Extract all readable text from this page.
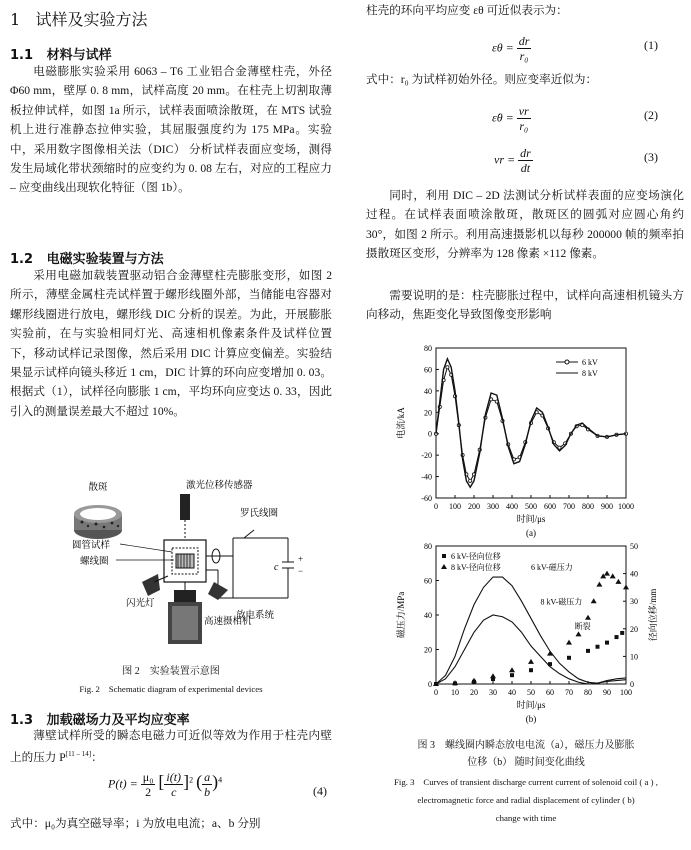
1 试样及实验方法
1.1 材料与试样

电磁膨胀实验采用 6063 – T6 工业铝合金薄壁柱壳，外径 Φ60 mm，壁厚 0. 8 mm，试样高度 20 mm。在柱壳上切割取薄板拉伸试样，如图 1a 所示，试样表面喷涂散斑，在 MTS 试验机上进行准静态拉伸实验，其屈服强度约为 175 MPa。实验中，采用数字图像相关法（DIC） 分析试样表面应变场，测得发生局域化带状颈缩时的应变约为 0. 08 左右，对应的工程应力 – 应变曲线出现软化特征（图 1b）。

1.2 电磁实验装置与方法

采用电磁加载装置驱动铝合金薄壁柱壳膨胀变形，如图 2 所示，薄壁金属柱壳试样置于螺形线圈外部，当储能电容器对螺形线圈进行放电，螺形线 DIC 分析的误差。为此，开展膨胀实验前，在与实验相同灯光、高速相机像素条件及试样位置下，移动试样记录图像，然后采用 DIC 计算应变偏差。实验结果显示试样向镜头移近 1 cm，DIC 计算的环向应变增加 0. 03。根据式（1），试样径向膨胀 1 cm，平均环向应变达 0. 33，因此引入的测量误差最大不超过 10%。

散斑	激光位移传感器
罗氏线圈
圆管试样
螺线圈	c
+
−
放电系统
闪光灯
高速摄相机
图 2　实验装置示意图
Fig. 2　Schematic diagram of experimental devices
1.3 加载磁场力及平均应变率

薄壁试样所受的瞬态电磁力可近似等效为作用于柱壳内壁上的压力 P[11 – 14]：

$P(t) = \frac{\text{μ₀}}{2}$ [ $\frac{i(t)}{c} ]^2$ ( $\frac{a}{b} )^4$
(4)

式中：μ₀为真空磁导率；i 为放电电流；a、b 分别

柱壳的环向平均应变 εθ 可近似表示为：

$\varepsilon\theta = \frac{dr}{\text{r₀}}$	(1)

式中：r₀ 为试样初始外径。则应变率近似为：

ε̇θ = $\frac{vr}{\text{r₀}}$	(2)
vr = $\frac{dr}{dt}$	(3)

同时，利用 DIC – 2D 法测试分析试样表面的应变场演化过程。在试样表面喷涂散斑，散斑区的圆弧对应圆心角约 30°，如图 2 所示。利用高速摄影机以每秒 200000 帧的频率拍摄散斑区变形，分辨率为 128 像素 ×112 像素。

需要说明的是：柱壳膨胀过程中，试样向高速相机镜头方向移动，焦距变化导致图像变形影响

0 100 200 300 400 500 600 700 800 900 1000
-60
-40
-20
0
20
40
60
80
时间/μs
电流/kA
(a)
6 kV
8 kV
0 10 20 30 40 50 60 70 80 90 100
0
20
40
60
80
0
10
20
30
40
50
时间/μs
磁压力/MPa	径向位移/mm
(b)
6 kV-径向位移
8 kV-径向位移	6 kV-磁压力
8 kV-磁压力
断裂
图 3　螺线圈内瞬态放电电流（a），磁压力及膨胀
位移（b） 随时间变化曲线
Fig. 3　Curves of transient discharge current current of solenoid coil ( a ) ,
electromagnetic force and radial displacement of cylinder ( b)
change with time
